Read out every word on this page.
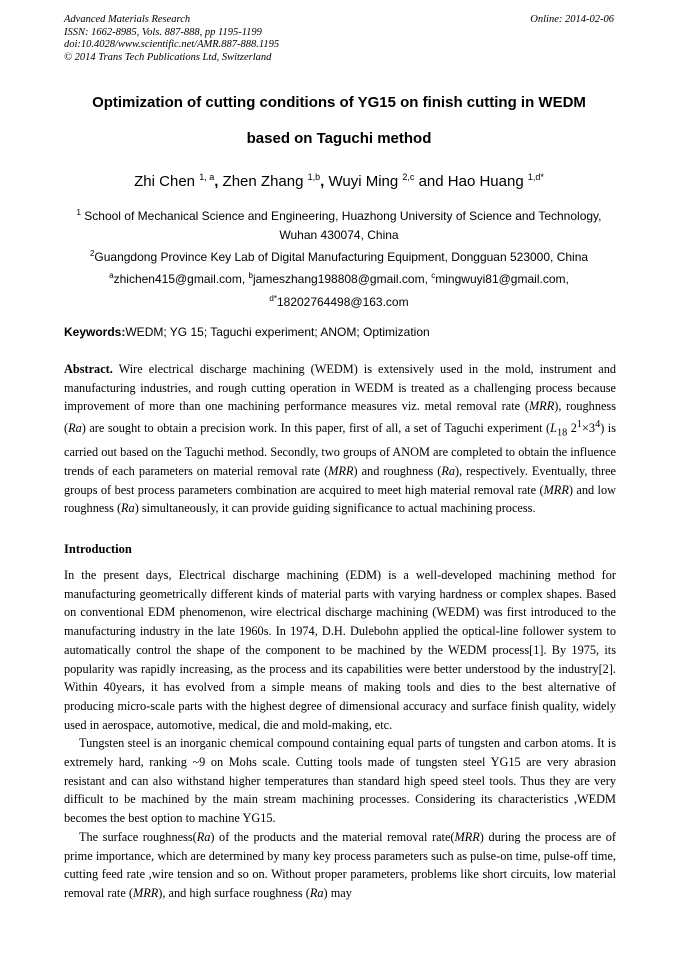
Advanced Materials Research
ISSN: 1662-8985, Vols. 887-888, pp 1195-1199
doi:10.4028/www.scientific.net/AMR.887-888.1195
© 2014 Trans Tech Publications Ltd, Switzerland
Online: 2014-02-06
Optimization of cutting conditions of YG15 on finish cutting in WEDM
based on Taguchi method
Zhi Chen $^{1, a}$, Zhen Zhang $^{1,b}$, Wuyi Ming $^{2,c}$ and Hao Huang $^{1,d*}$
$^1$ School of Mechanical Science and Engineering, Huazhong University of Science and Technology, Wuhan 430074, China
$^2$Guangdong Province Key Lab of Digital Manufacturing Equipment, Dongguan 523000, China
$^a$zhichen415@gmail.com, $^b$jameszhang198808@gmail.com, $^c$mingwuyi81@gmail.com,
$^{d*}$18202764498@163.com
Keywords:WEDM; YG 15; Taguchi experiment; ANOM; Optimization

Abstract. Wire electrical discharge machining (WEDM) is extensively used in the mold, instrument and manufacturing industries, and rough cutting operation in WEDM is treated as a challenging process because improvement of more than one machining performance measures viz. metal removal rate (MRR), roughness (Ra) are sought to obtain a precision work. In this paper, first of all, a set of Taguchi experiment ($L_{18}$ $2^1\times 3^4$) is carried out based on the Taguchi method. Secondly, two groups of ANOM are completed to obtain the influence trends of each parameters on material removal rate (MRR) and roughness (Ra), respectively. Eventually, three groups of best process parameters combination are acquired to meet high material removal rate (MRR) and low roughness (Ra) simultaneously, it can provide guiding significance to actual machining process.

Introduction

In the present days, Electrical discharge machining (EDM) is a well-developed machining method for manufacturing geometrically different kinds of material parts with varying hardness or complex shapes. Based on conventional EDM phenomenon, wire electrical discharge machining (WEDM) was first introduced to the manufacturing industry in the late 1960s. In 1974, D.H. Dulebohn applied the optical-line follower system to automatically control the shape of the component to be machined by the WEDM process[1]. By 1975, its popularity was rapidly increasing, as the process and its capabilities were better understood by the industry[2]. Within 40years, it has evolved from a simple means of making tools and dies to the best alternative of producing micro-scale parts with the highest degree of dimensional accuracy and surface finish quality, widely used in aerospace, automotive, medical, die and mold-making, etc.

Tungsten steel is an inorganic chemical compound containing equal parts of tungsten and carbon atoms. It is extremely hard, ranking ~9 on Mohs scale. Cutting tools made of tungsten steel YG15 are very abrasion resistant and can also withstand higher temperatures than standard high speed steel tools. Thus they are very difficult to be machined by the main stream machining processes. Considering its characteristics ,WEDM becomes the best option to machine YG15.

The surface roughness(Ra) of the products and the material removal rate(MRR) during the process are of prime importance, which are determined by many key process parameters such as pulse-on time, pulse-off time, cutting feed rate ,wire tension and so on. Without proper parameters, problems like short circuits, low material removal rate (MRR), and high surface roughness (Ra) may
